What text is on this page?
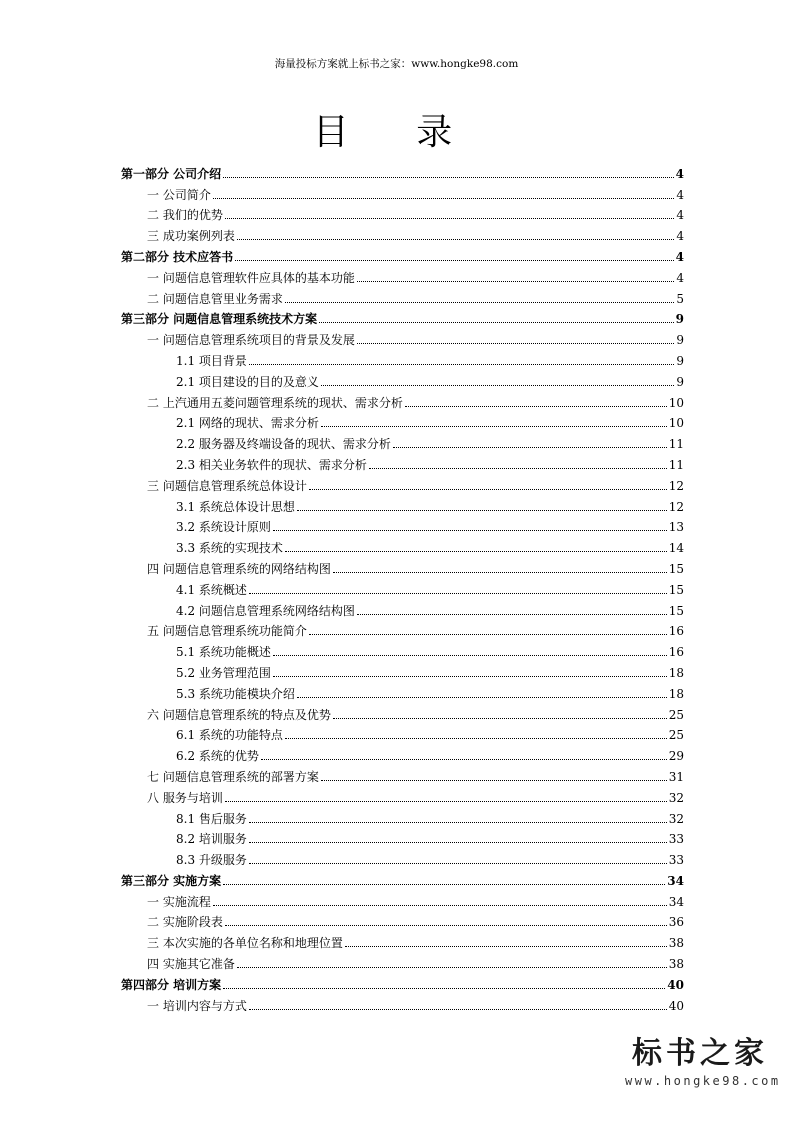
海量投标方案就上标书之家：www.hongke98.com
目 录
第一部分 公司介绍	4
一 公司简介	4
二 我们的优势	4
三 成功案例列表	4
第二部分 技术应答书	4
一 问题信息管理软件应具体的基本功能	4
二 问题信息管里业务需求	5
第三部分 问题信息管理系统技术方案	9
一 问题信息管理系统项目的背景及发展	9
1.1 项目背景	9
2.1 项目建设的目的及意义	9
二 上汽通用五菱问题管理系统的现状、需求分析	10
2.1 网络的现状、需求分析	10
2.2 服务器及终端设备的现状、需求分析	11
2.3 相关业务软件的现状、需求分析	11
三 问题信息管理系统总体设计	12
3.1 系统总体设计思想	12
3.2 系统设计原则	13
3.3 系统的实现技术	14
四 问题信息管理系统的网络结构图	15
4.1 系统概述	15
4.2 问题信息管理系统网络结构图	15
五 问题信息管理系统功能简介	16
5.1 系统功能概述	16
5.2 业务管理范围	18
5.3 系统功能模块介绍	18
六 问题信息管理系统的特点及优势	25
6.1 系统的功能特点	25
6.2 系统的优势	29
七 问题信息管理系统的部署方案	31
八 服务与培训	32
8.1 售后服务	32
8.2 培训服务	33
8.3 升级服务	33
第三部分 实施方案	34
一 实施流程	34
二 实施阶段表	36
三 本次实施的各单位名称和地理位置	38
四 实施其它准备	38
第四部分 培训方案	40
一 培训内容与方式	40
标书之家
www.hongke98.com
